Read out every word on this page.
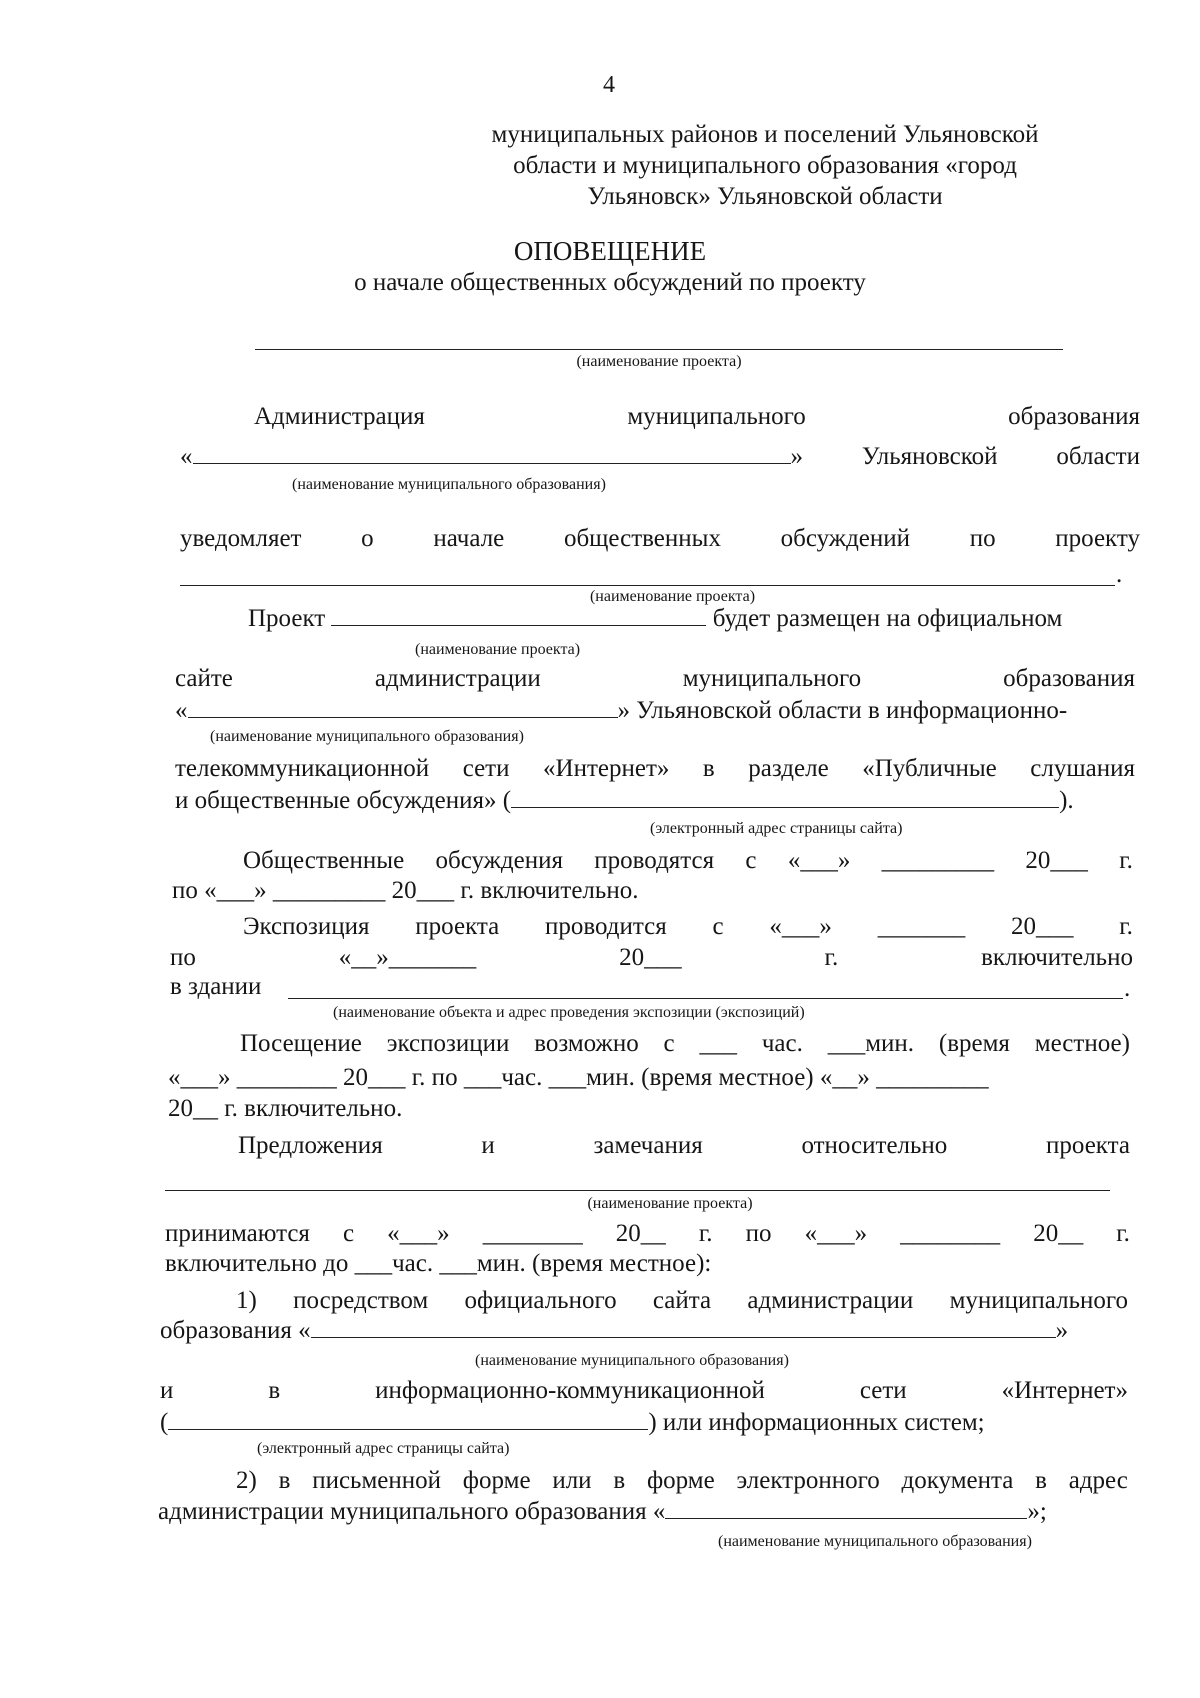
4
муниципальных районов и поселений Ульяновской
области и муниципального образования «город
Ульяновск» Ульяновской области
ОПОВЕЩЕНИЕ
о начале общественных обсуждений по проекту
(наименование проекта)
Администрация	муниципального	образования
«	» Ульяновской области
(наименование муниципального образования)
уведомляет о начале общественных обсуждений по проекту
.
(наименование проекта)
Проект	будет размещен на официальном
(наименование проекта)
сайте	администрации	муниципального	образования
«	» Ульяновской области в информационно-
(наименование муниципального образования)
телекоммуникационной сети «Интернет» в разделе «Публичные слушания
и общественные обсуждения» (	).
(электронный адрес страницы сайта)
Общественные обсуждения проводятся с «___» _________ 20___ г.
по «___» _________ 20___ г. включительно.
Экспозиция проекта проводится с «___» _______ 20___ г.
по	«__»_______	20___	г.	включительно
в здании	.
(наименование объекта и адрес проведения экспозиции (экспозиций)
Посещение экспозиции возможно с ___ час. ___мин. (время местное)
«___» ________ 20___ г. по ___час. ___мин. (время местное) «__» _________
20__ г. включительно.
Предложения	и	замечания	относительно	проекта
(наименование проекта)
принимаются с «___» ________ 20__ г. по «___» ________ 20__ г.
включительно до ___час. ___мин. (время местное):
1) посредством официального сайта администрации муниципального
образования «	»
(наименование муниципального образования)
и	в	информационно-коммуникационной	сети	«Интернет»
(	) или информационных систем;
(электронный адрес страницы сайта)
2) в письменной форме или в форме электронного документа в адрес
администрации муниципального образования «	»;
(наименование муниципального образования)
